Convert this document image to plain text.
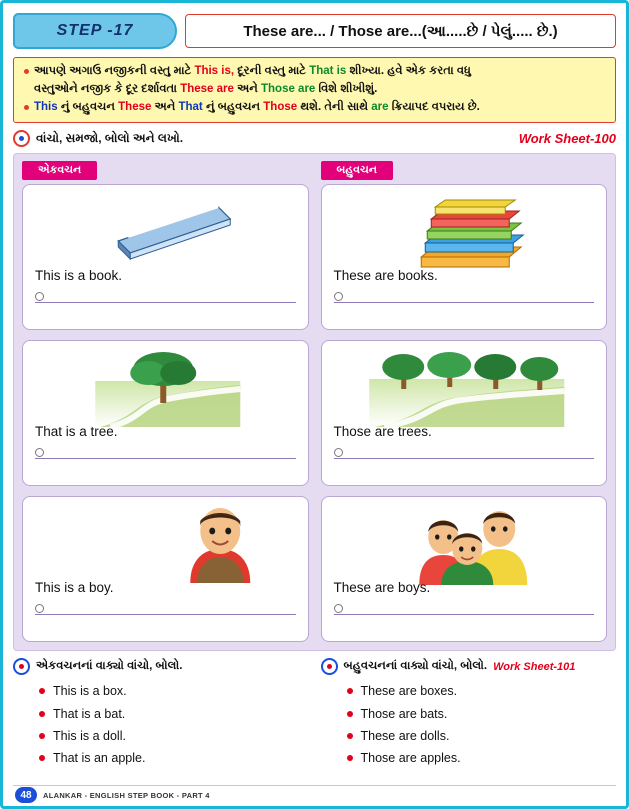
STEP -17	These are... / Those are...(આ.....છે / પેલું..... છે.)
આપણે અગાઉ નજીકની વસ્તુ માટે This is, દૂરની વસ્તુ માટે That is શીખ્યા. હવે એક કરતા વધુ
વસ્તુઓને નજીક કે દૂર દર્શાવતા These are અને Those are વિશે શીખીશું.
This નું બહુવચન These અને That નું બહુવચન Those થશે. તેની સાથે are ક્રિયાપદ વપરાય છે.
વાંચો, સમજો, બોલો અને લખો.	Work Sheet-100
એકવચન	બહુવચન
This is a book.
That is a tree.
This is a boy.
These are books.
Those are trees.
These are boys.
એકવચનનાં વાક્યો વાંચો, બોલો.
This is a box.
That is a bat.
This is a doll.
That is an apple.
બહુવચનનાં વાક્યો વાંચો, બોલો. Work Sheet-101
These are boxes.
Those are bats.
These are dolls.
Those are apples.
48	ALANKAR - ENGLISH STEP BOOK - PART 4
